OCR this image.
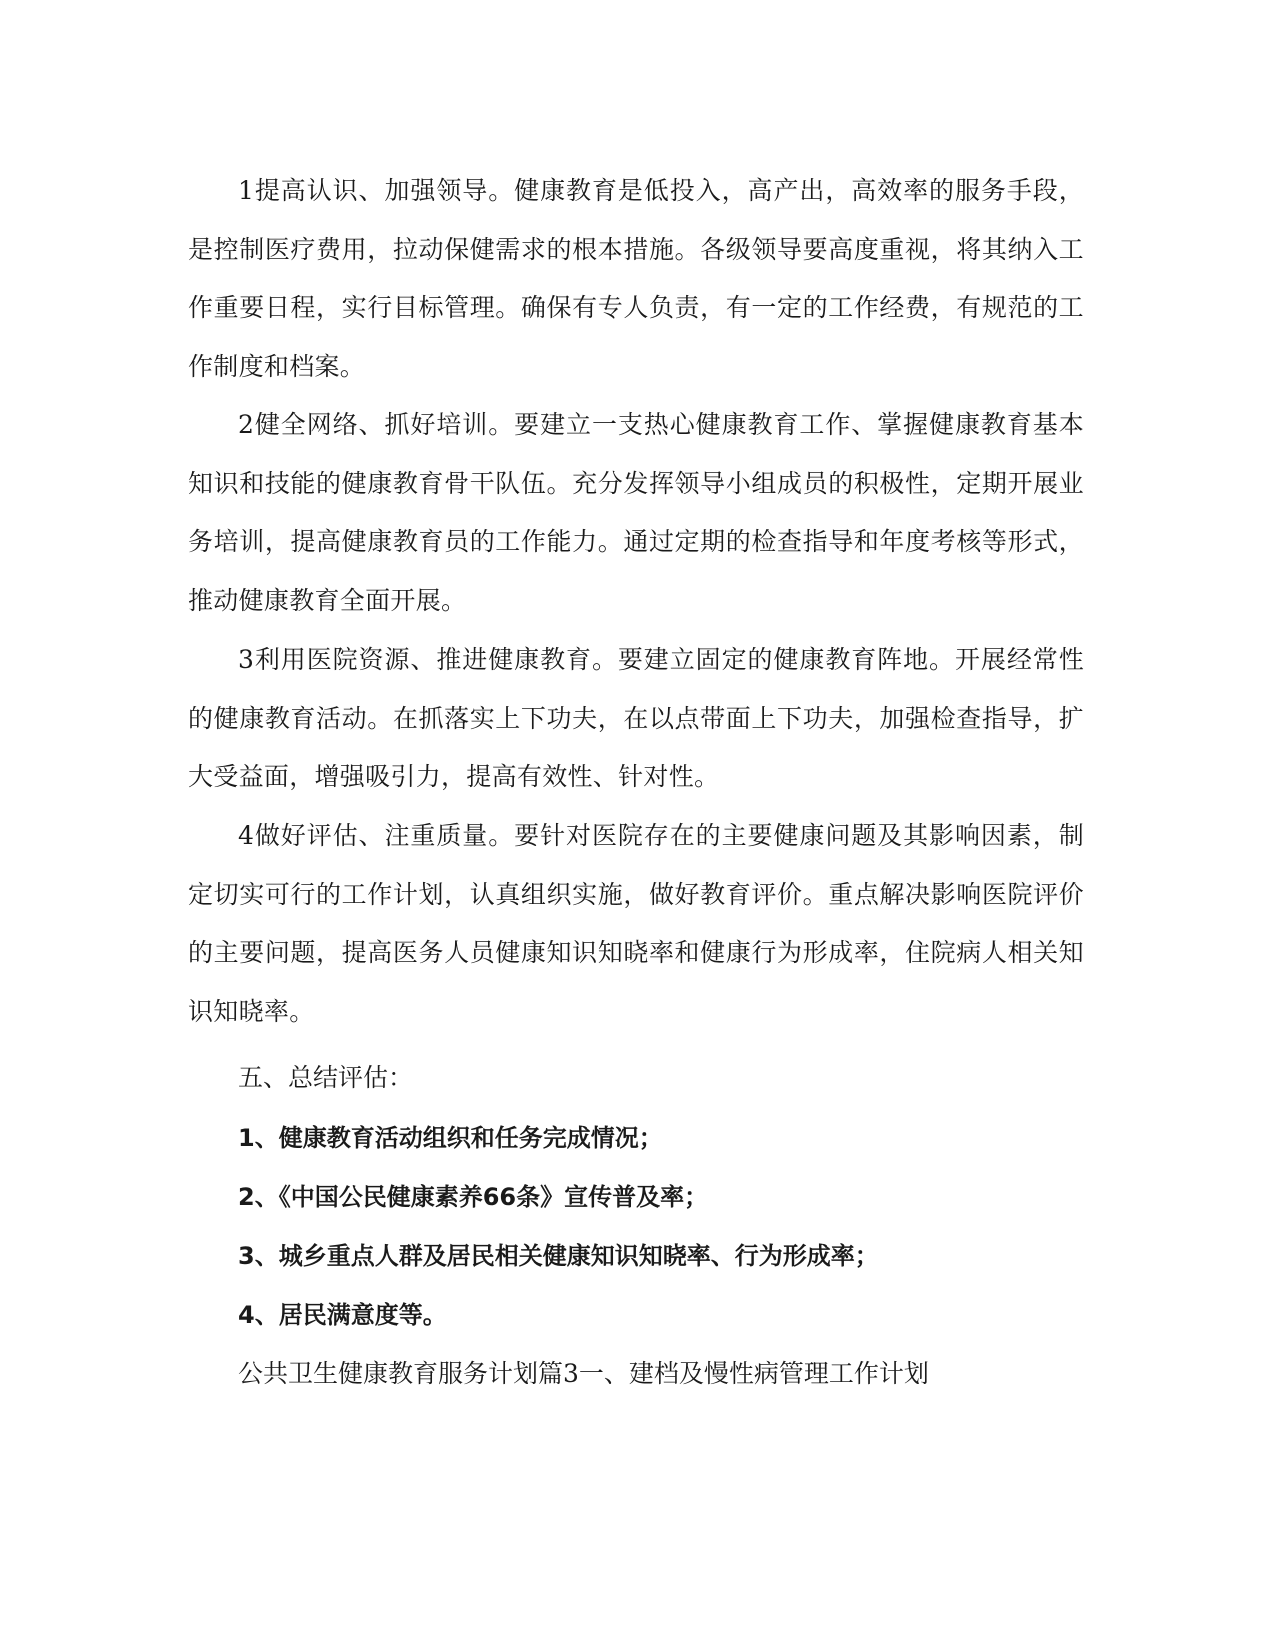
1提高认识、加强领导。健康教育是低投入，高产出，高效率的服务手段，是控制医疗费用，拉动保健需求的根本措施。各级领导要高度重视，将其纳入工作重要日程，实行目标管理。确保有专人负责，有一定的工作经费，有规范的工作制度和档案。

2健全网络、抓好培训。要建立一支热心健康教育工作、掌握健康教育基本知识和技能的健康教育骨干队伍。充分发挥领导小组成员的积极性，定期开展业务培训，提高健康教育员的工作能力。通过定期的检查指导和年度考核等形式，推动健康教育全面开展。

3利用医院资源、推进健康教育。要建立固定的健康教育阵地。开展经常性的健康教育活动。在抓落实上下功夫，在以点带面上下功夫，加强检查指导，扩大受益面，增强吸引力，提高有效性、针对性。

4做好评估、注重质量。要针对医院存在的主要健康问题及其影响因素，制定切实可行的工作计划，认真组织实施，做好教育评价。重点解决影响医院评价的主要问题，提高医务人员健康知识知晓率和健康行为形成率，住院病人相关知识知晓率。

五、总结评估：

1、健康教育活动组织和任务完成情况；

2、《中国公民健康素养66条》宣传普及率；

3、城乡重点人群及居民相关健康知识知晓率、行为形成率；

4、居民满意度等。

公共卫生健康教育服务计划篇3一、建档及慢性病管理工作计划
